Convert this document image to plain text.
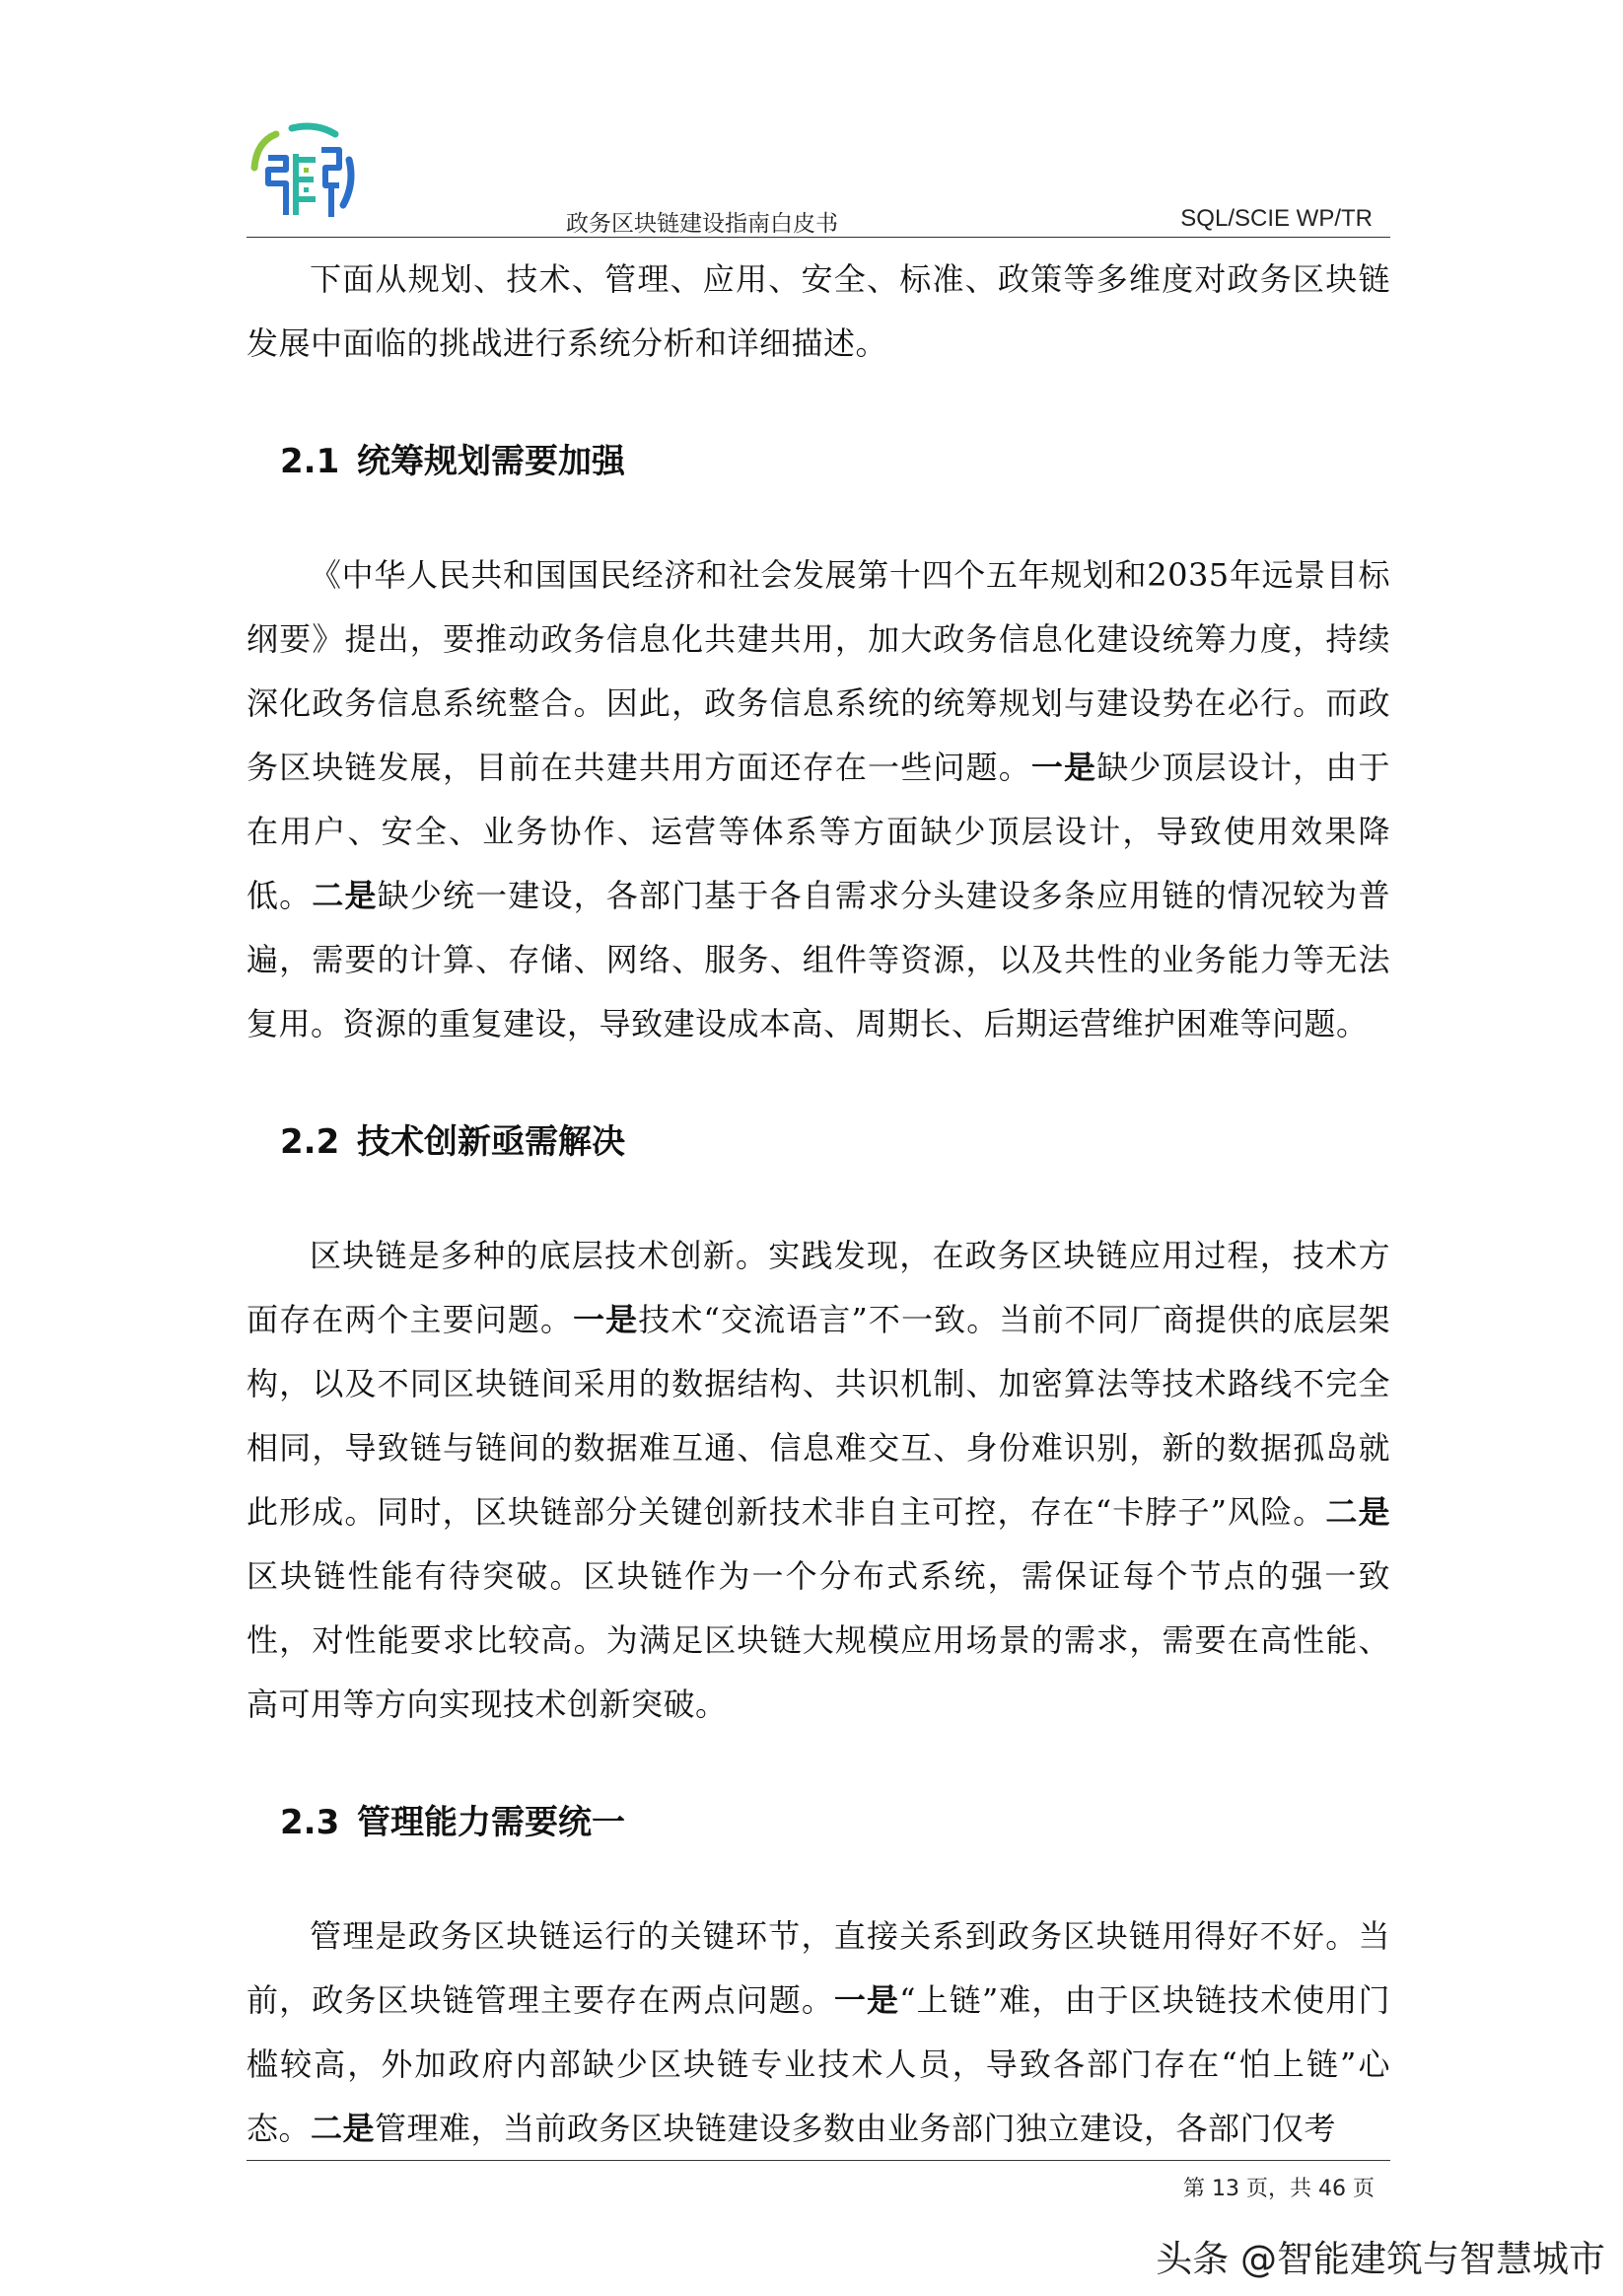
政务区块链建设指南白皮书	SQL/SCIE WP/TR

下面从规划、技术、管理、应用、安全、标准、政策等多维度对政务区块链发展中面临的挑战进行系统分析和详细描述。

2.1 统筹规划需要加强

《中华人民共和国国民经济和社会发展第十四个五年规划和2035年远景目标纲要》提出，要推动政务信息化共建共用，加大政务信息化建设统筹力度，持续深化政务信息系统整合。因此，政务信息系统的统筹规划与建设势在必行。而政务区块链发展，目前在共建共用方面还存在一些问题。一是缺少顶层设计，由于在用户、安全、业务协作、运营等体系等方面缺少顶层设计，导致使用效果降低。二是缺少统一建设，各部门基于各自需求分头建设多条应用链的情况较为普遍，需要的计算、存储、网络、服务、组件等资源，以及共性的业务能力等无法复用。资源的重复建设，导致建设成本高、周期长、后期运营维护困难等问题。

2.2 技术创新亟需解决

区块链是多种的底层技术创新。实践发现，在政务区块链应用过程，技术方面存在两个主要问题。一是技术“交流语言”不一致。当前不同厂商提供的底层架构，以及不同区块链间采用的数据结构、共识机制、加密算法等技术路线不完全相同，导致链与链间的数据难互通、信息难交互、身份难识别，新的数据孤岛就此形成。同时，区块链部分关键创新技术非自主可控，存在“卡脖子”风险。二是区块链性能有待突破。区块链作为一个分布式系统，需保证每个节点的强一致性，对性能要求比较高。为满足区块链大规模应用场景的需求，需要在高性能、高可用等方向实现技术创新突破。

2.3 管理能力需要统一

管理是政务区块链运行的关键环节，直接关系到政务区块链用得好不好。当前，政务区块链管理主要存在两点问题。一是“上链”难，由于区块链技术使用门槛较高，外加政府内部缺少区块链专业技术人员，导致各部门存在“怕上链”心态。二是管理难，当前政务区块链建设多数由业务部门独立建设，各部门仅考

第 13 页，共 46 页
头条 @智能建筑与智慧城市
